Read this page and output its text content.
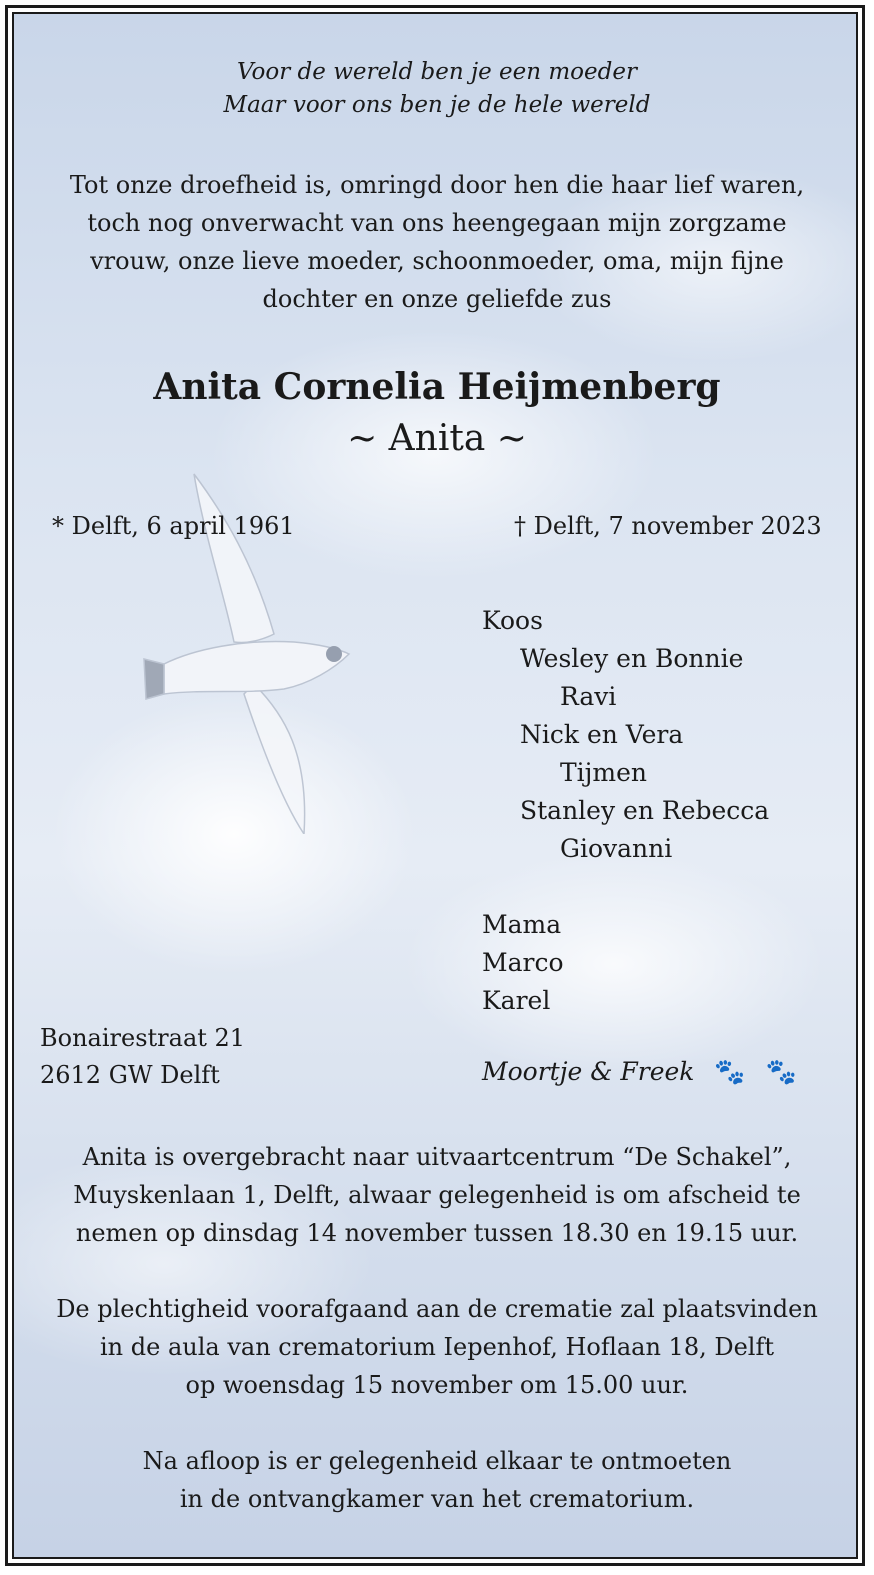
Voor de wereld ben je een moeder
Maar voor ons ben je de hele wereld
Tot onze droefheid is, omringd door hen die haar lief waren,
toch nog onverwacht van ons heengegaan mijn zorgzame
vrouw, onze lieve moeder, schoonmoeder, oma, mijn fijne
dochter en onze geliefde zus
Anita Cornelia Heijmenberg
~ Anita ~
* Delft, 6 april 1961	† Delft, 7 november 2023
Koos
Wesley en Bonnie
Ravi
Nick en Vera
Tijmen
Stanley en Rebecca
Giovanni
Mama
Marco
Karel
Bonairestraat 21
2612 GW Delft	Moortje & Freek 🐾 🐾
Anita is overgebracht naar uitvaartcentrum “De Schakel”,
Muyskenlaan 1, Delft, alwaar gelegenheid is om afscheid te
nemen op dinsdag 14 november tussen 18.30 en 19.15 uur.
De plechtigheid voorafgaand aan de crematie zal plaatsvinden
in de aula van crematorium Iepenhof, Hoflaan 18, Delft
op woensdag 15 november om 15.00 uur.
Na afloop is er gelegenheid elkaar te ontmoeten
in de ontvangkamer van het crematorium.
